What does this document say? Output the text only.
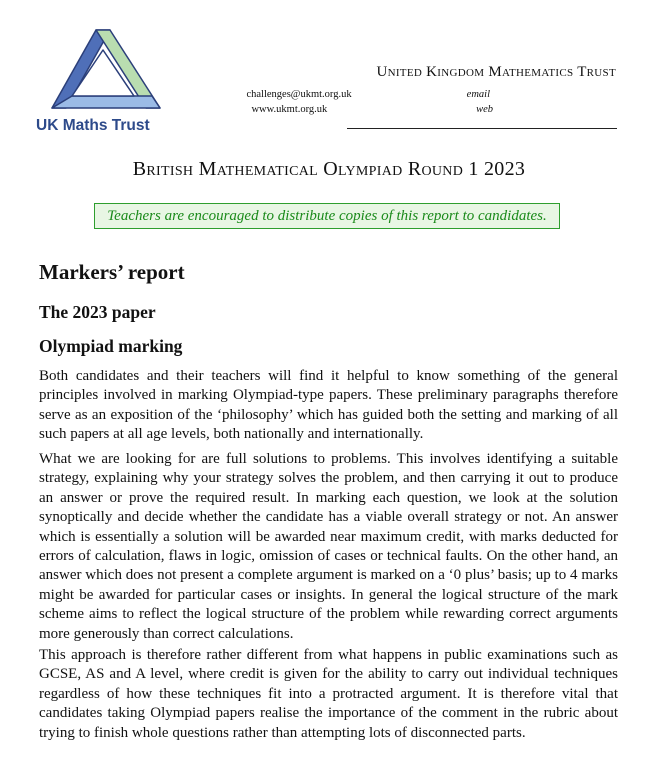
UK Maths Trust
United Kingdom Mathematics Trust
email
challenges@ukmt.org.uk
web
www.ukmt.org.uk
British Mathematical Olympiad Round 1 2023
Teachers are encouraged to distribute copies of this report to candidates.
Markers’ report
The 2023 paper
Olympiad marking
Both candidates and their teachers will find it helpful to know something of the general principles involved in marking Olympiad-type papers. These preliminary paragraphs therefore serve as an exposition of the ‘philosophy’ which has guided both the setting and marking of all such papers at all age levels, both nationally and internationally.
What we are looking for are full solutions to problems. This involves identifying a suitable strategy, explaining why your strategy solves the problem, and then carrying it out to produce an answer or prove the required result. In marking each question, we look at the solution synoptically and decide whether the candidate has a viable overall strategy or not. An answer which is essentially a solution will be awarded near maximum credit, with marks deducted for errors of calculation, flaws in logic, omission of cases or technical faults. On the other hand, an answer which does not present a complete argument is marked on a ‘0 plus’ basis; up to 4 marks might be awarded for particular cases or insights. In general the logical structure of the mark scheme aims to reflect the logical structure of the problem while rewarding correct arguments more generously than correct calculations.
This approach is therefore rather different from what happens in public examinations such as GCSE, AS and A level, where credit is given for the ability to carry out individual techniques regardless of how these techniques fit into a protracted argument. It is therefore vital that candidates taking Olympiad papers realise the importance of the comment in the rubric about trying to finish whole questions rather than attempting lots of disconnected parts.
